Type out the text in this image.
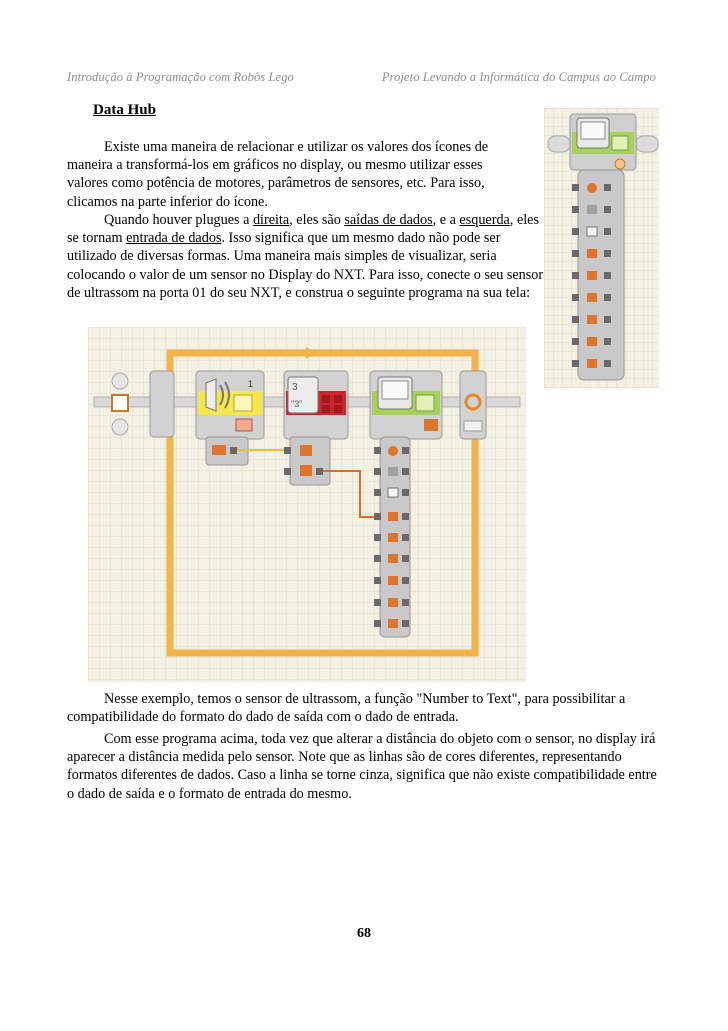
Introdução à Programação com Robôs Lego	Projeto Levando a Informática do Campus ao Campo
Data Hub
Existe uma maneira de relacionar e utilizar os valores dos ícones de maneira a transformá-los em gráficos no display, ou mesmo utilizar esses valores como potência de motores, parâmetros de sensores, etc. Para isso, clicamos na parte inferior do ícone.
Quando houver plugues a direita, eles são saídas de dados, e a esquerda, eles se tornam entrada de dados. Isso significa que um mesmo dado não pode ser utilizado de diversas formas. Uma maneira mais simples de visualizar, seria colocando o valor de um sensor no Display do NXT. Para isso, conecte o seu sensor de ultrassom na porta 01 do seu NXT, e construa o seguinte programa na sua tela:
1	3
"3"
Nesse exemplo, temos o sensor de ultrassom, a função "Number to Text", para possibilitar a compatibilidade do formato do dado de saída com o dado de entrada.
Com esse programa acima, toda vez que alterar a distância do objeto com o sensor, no display irá aparecer a distância medida pelo sensor. Note que as linhas são de cores diferentes, representando formatos diferentes de dados. Caso a linha se torne cinza, significa que não existe compatibilidade entre o dado de saída e o formato de entrada do mesmo.
68
